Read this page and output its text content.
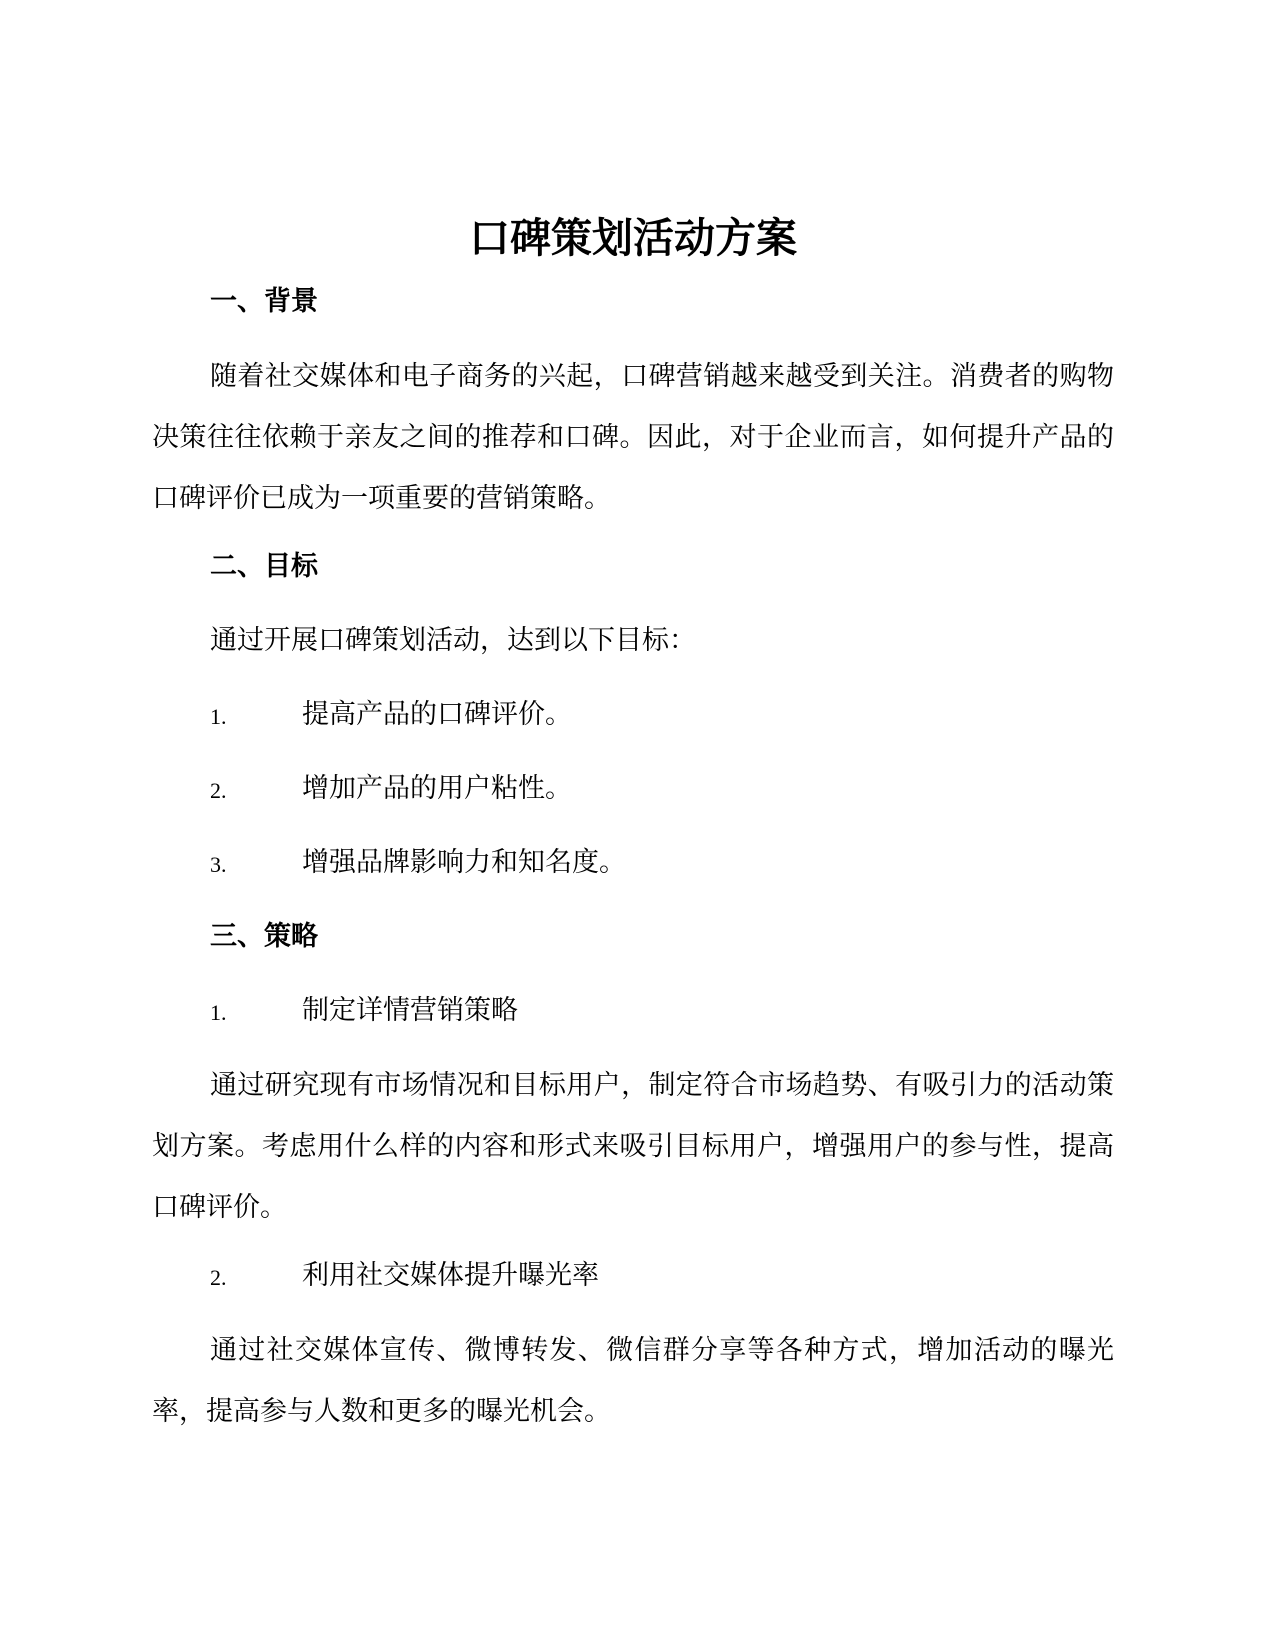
口碑策划活动方案
一、背景
随着社交媒体和电子商务的兴起，口碑营销越来越受到关注。消费者的购物决策往往依赖于亲友之间的推荐和口碑。因此，对于企业而言，如何提升产品的口碑评价已成为一项重要的营销策略。
二、目标
通过开展口碑策划活动，达到以下目标：
1.	提高产品的口碑评价。
2.	增加产品的用户粘性。
3.	增强品牌影响力和知名度。
三、策略
1.	制定详情营销策略
通过研究现有市场情况和目标用户，制定符合市场趋势、有吸引力的活动策划方案。考虑用什么样的内容和形式来吸引目标用户，增强用户的参与性，提高口碑评价。
2.	利用社交媒体提升曝光率
通过社交媒体宣传、微博转发、微信群分享等各种方式，增加活动的曝光率，提高参与人数和更多的曝光机会。
